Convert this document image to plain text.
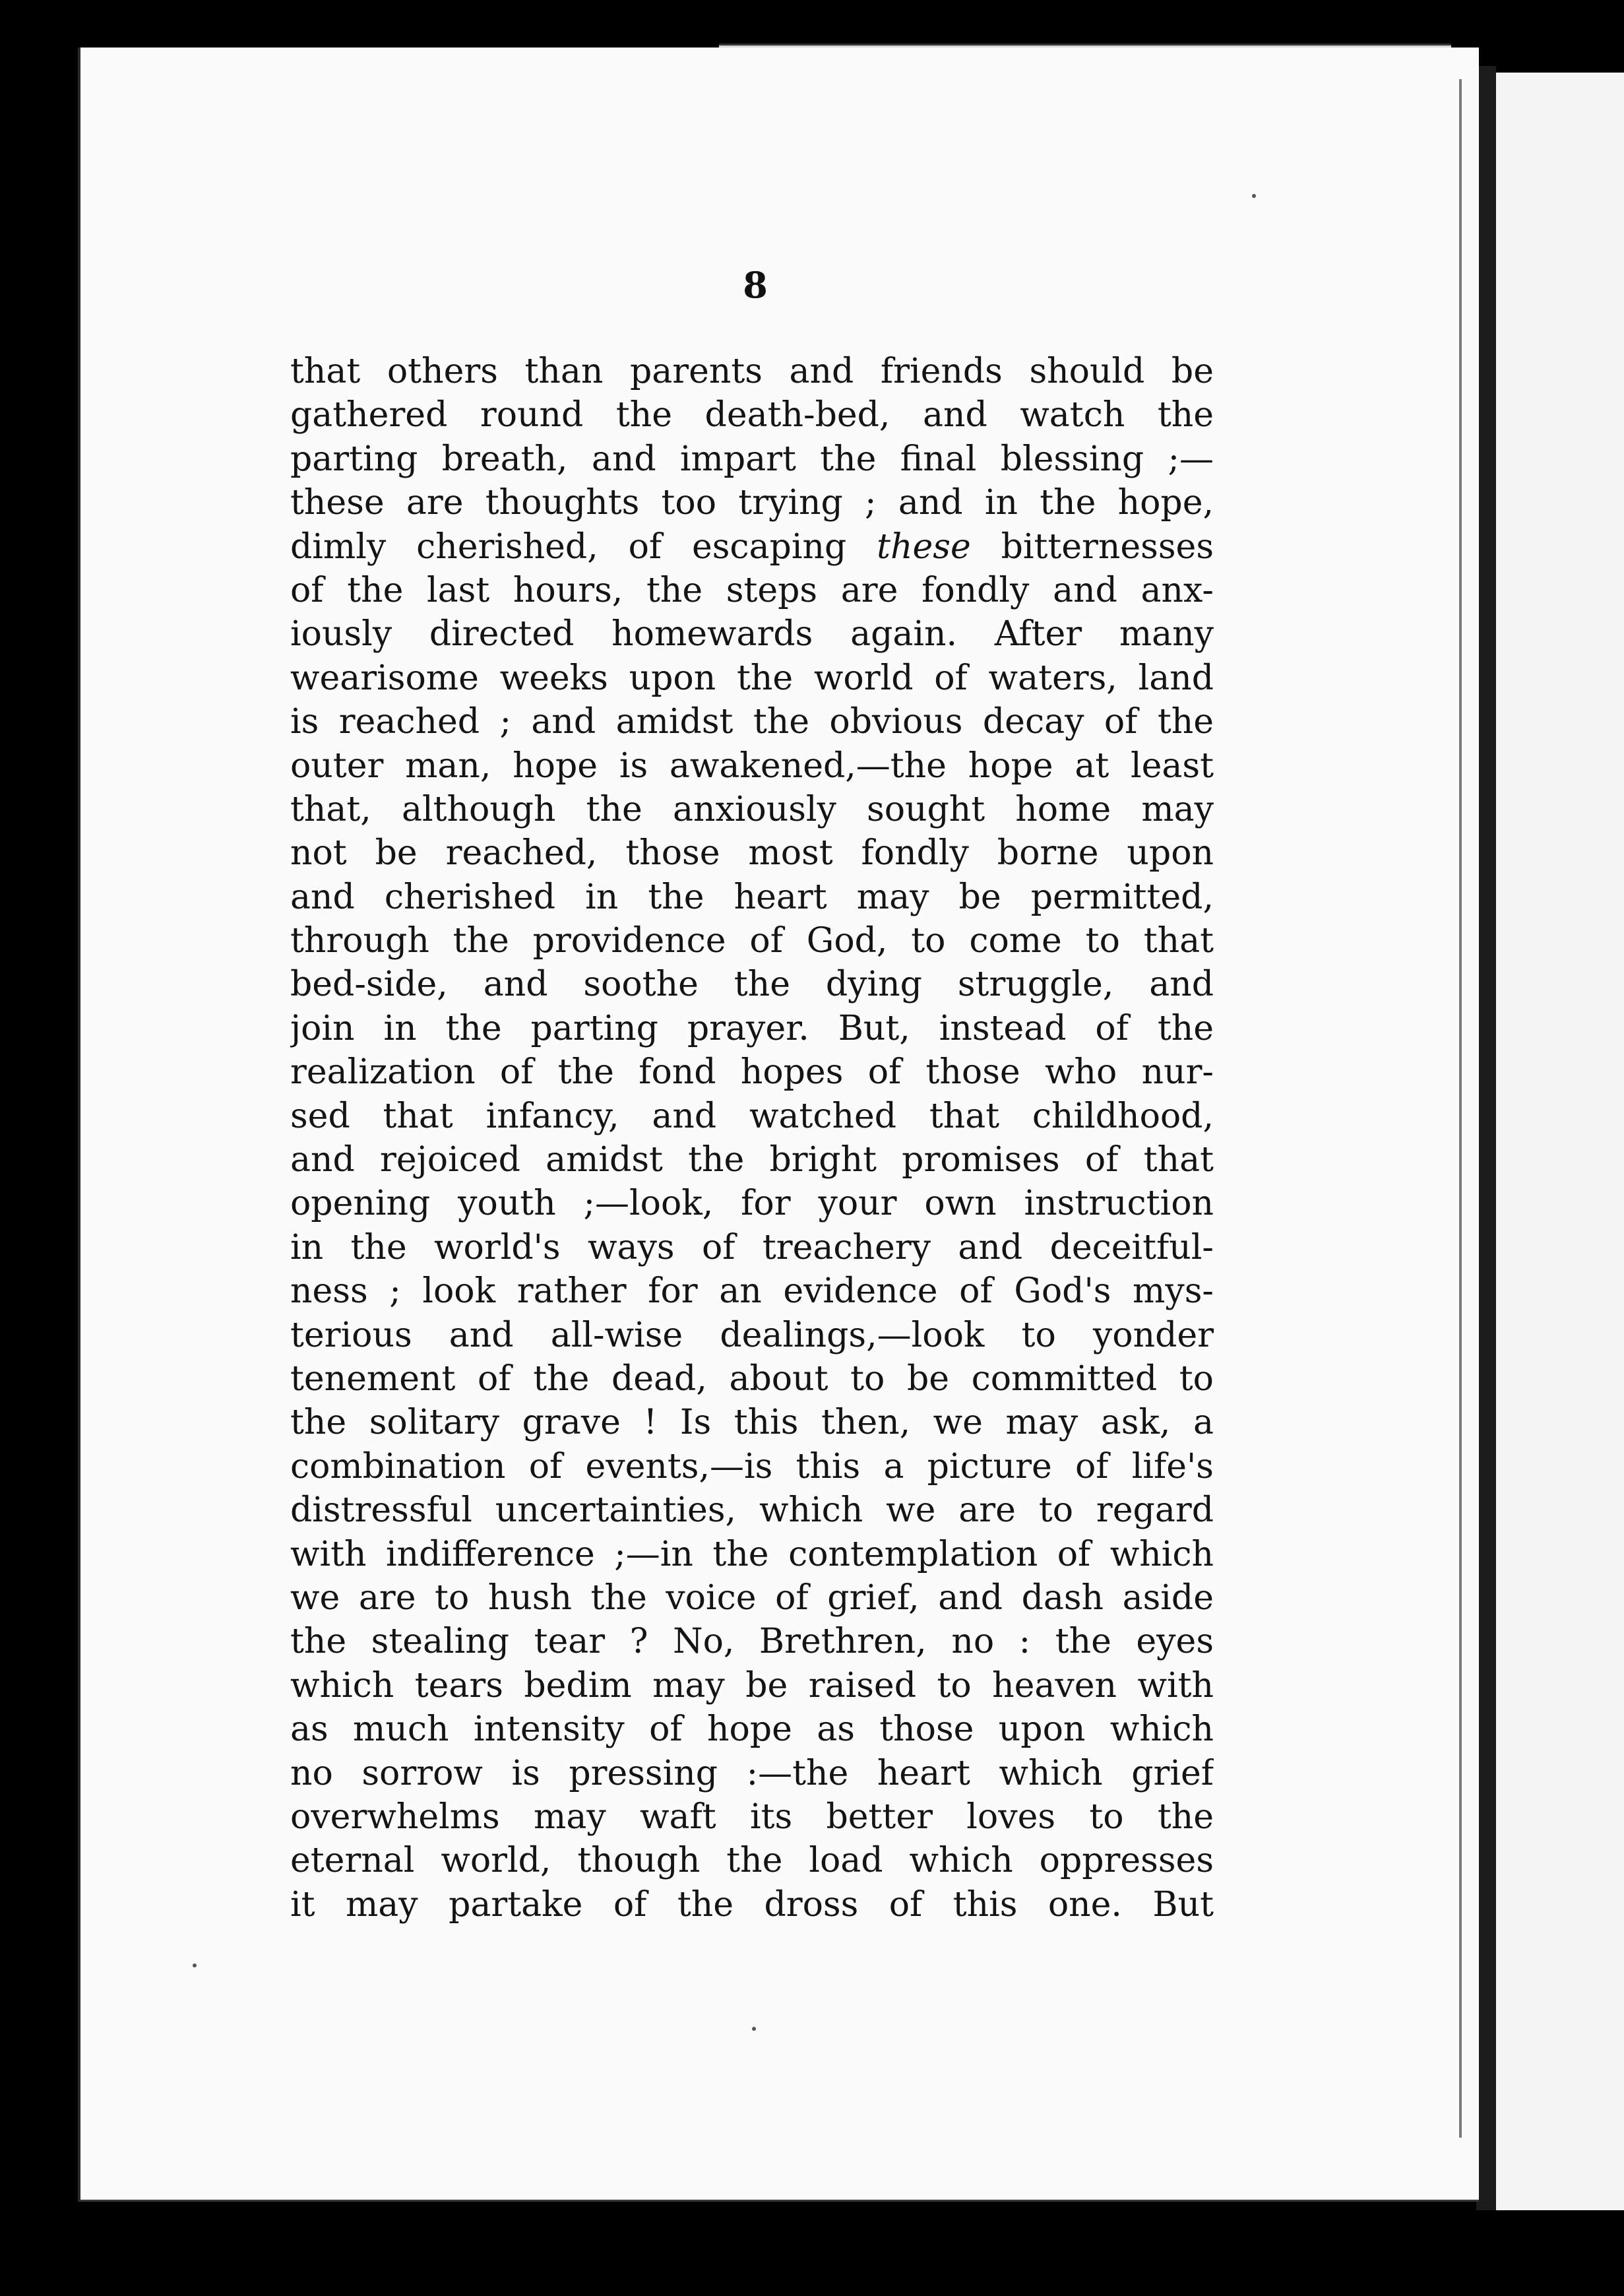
8
that others than parents and friends should be
gathered round the death-bed, and watch the
parting breath, and impart the final blessing ;—
these are thoughts too trying ; and in the hope,
dimly cherished, of escaping these bitternesses
of the last hours, the steps are fondly and anx-
iously directed homewards again. After many
wearisome weeks upon the world of waters, land
is reached ; and amidst the obvious decay of the
outer man, hope is awakened,—the hope at least
that, although the anxiously sought home may
not be reached, those most fondly borne upon
and cherished in the heart may be permitted,
through the providence of God, to come to that
bed-side, and soothe the dying struggle, and
join in the parting prayer. But, instead of the
realization of the fond hopes of those who nur-
sed that infancy, and watched that childhood,
and rejoiced amidst the bright promises of that
opening youth ;—look, for your own instruction
in the world's ways of treachery and deceitful-
ness ; look rather for an evidence of God's mys-
terious and all-wise dealings,—look to yonder
tenement of the dead, about to be committed to
the solitary grave ! Is this then, we may ask, a
combination of events,—is this a picture of life's
distressful uncertainties, which we are to regard
with indifference ;—in the contemplation of which
we are to hush the voice of grief, and dash aside
the stealing tear ? No, Brethren, no : the eyes
which tears bedim may be raised to heaven with
as much intensity of hope as those upon which
no sorrow is pressing :—the heart which grief
overwhelms may waft its better loves to the
eternal world, though the load which oppresses
it may partake of the dross of this one. But
